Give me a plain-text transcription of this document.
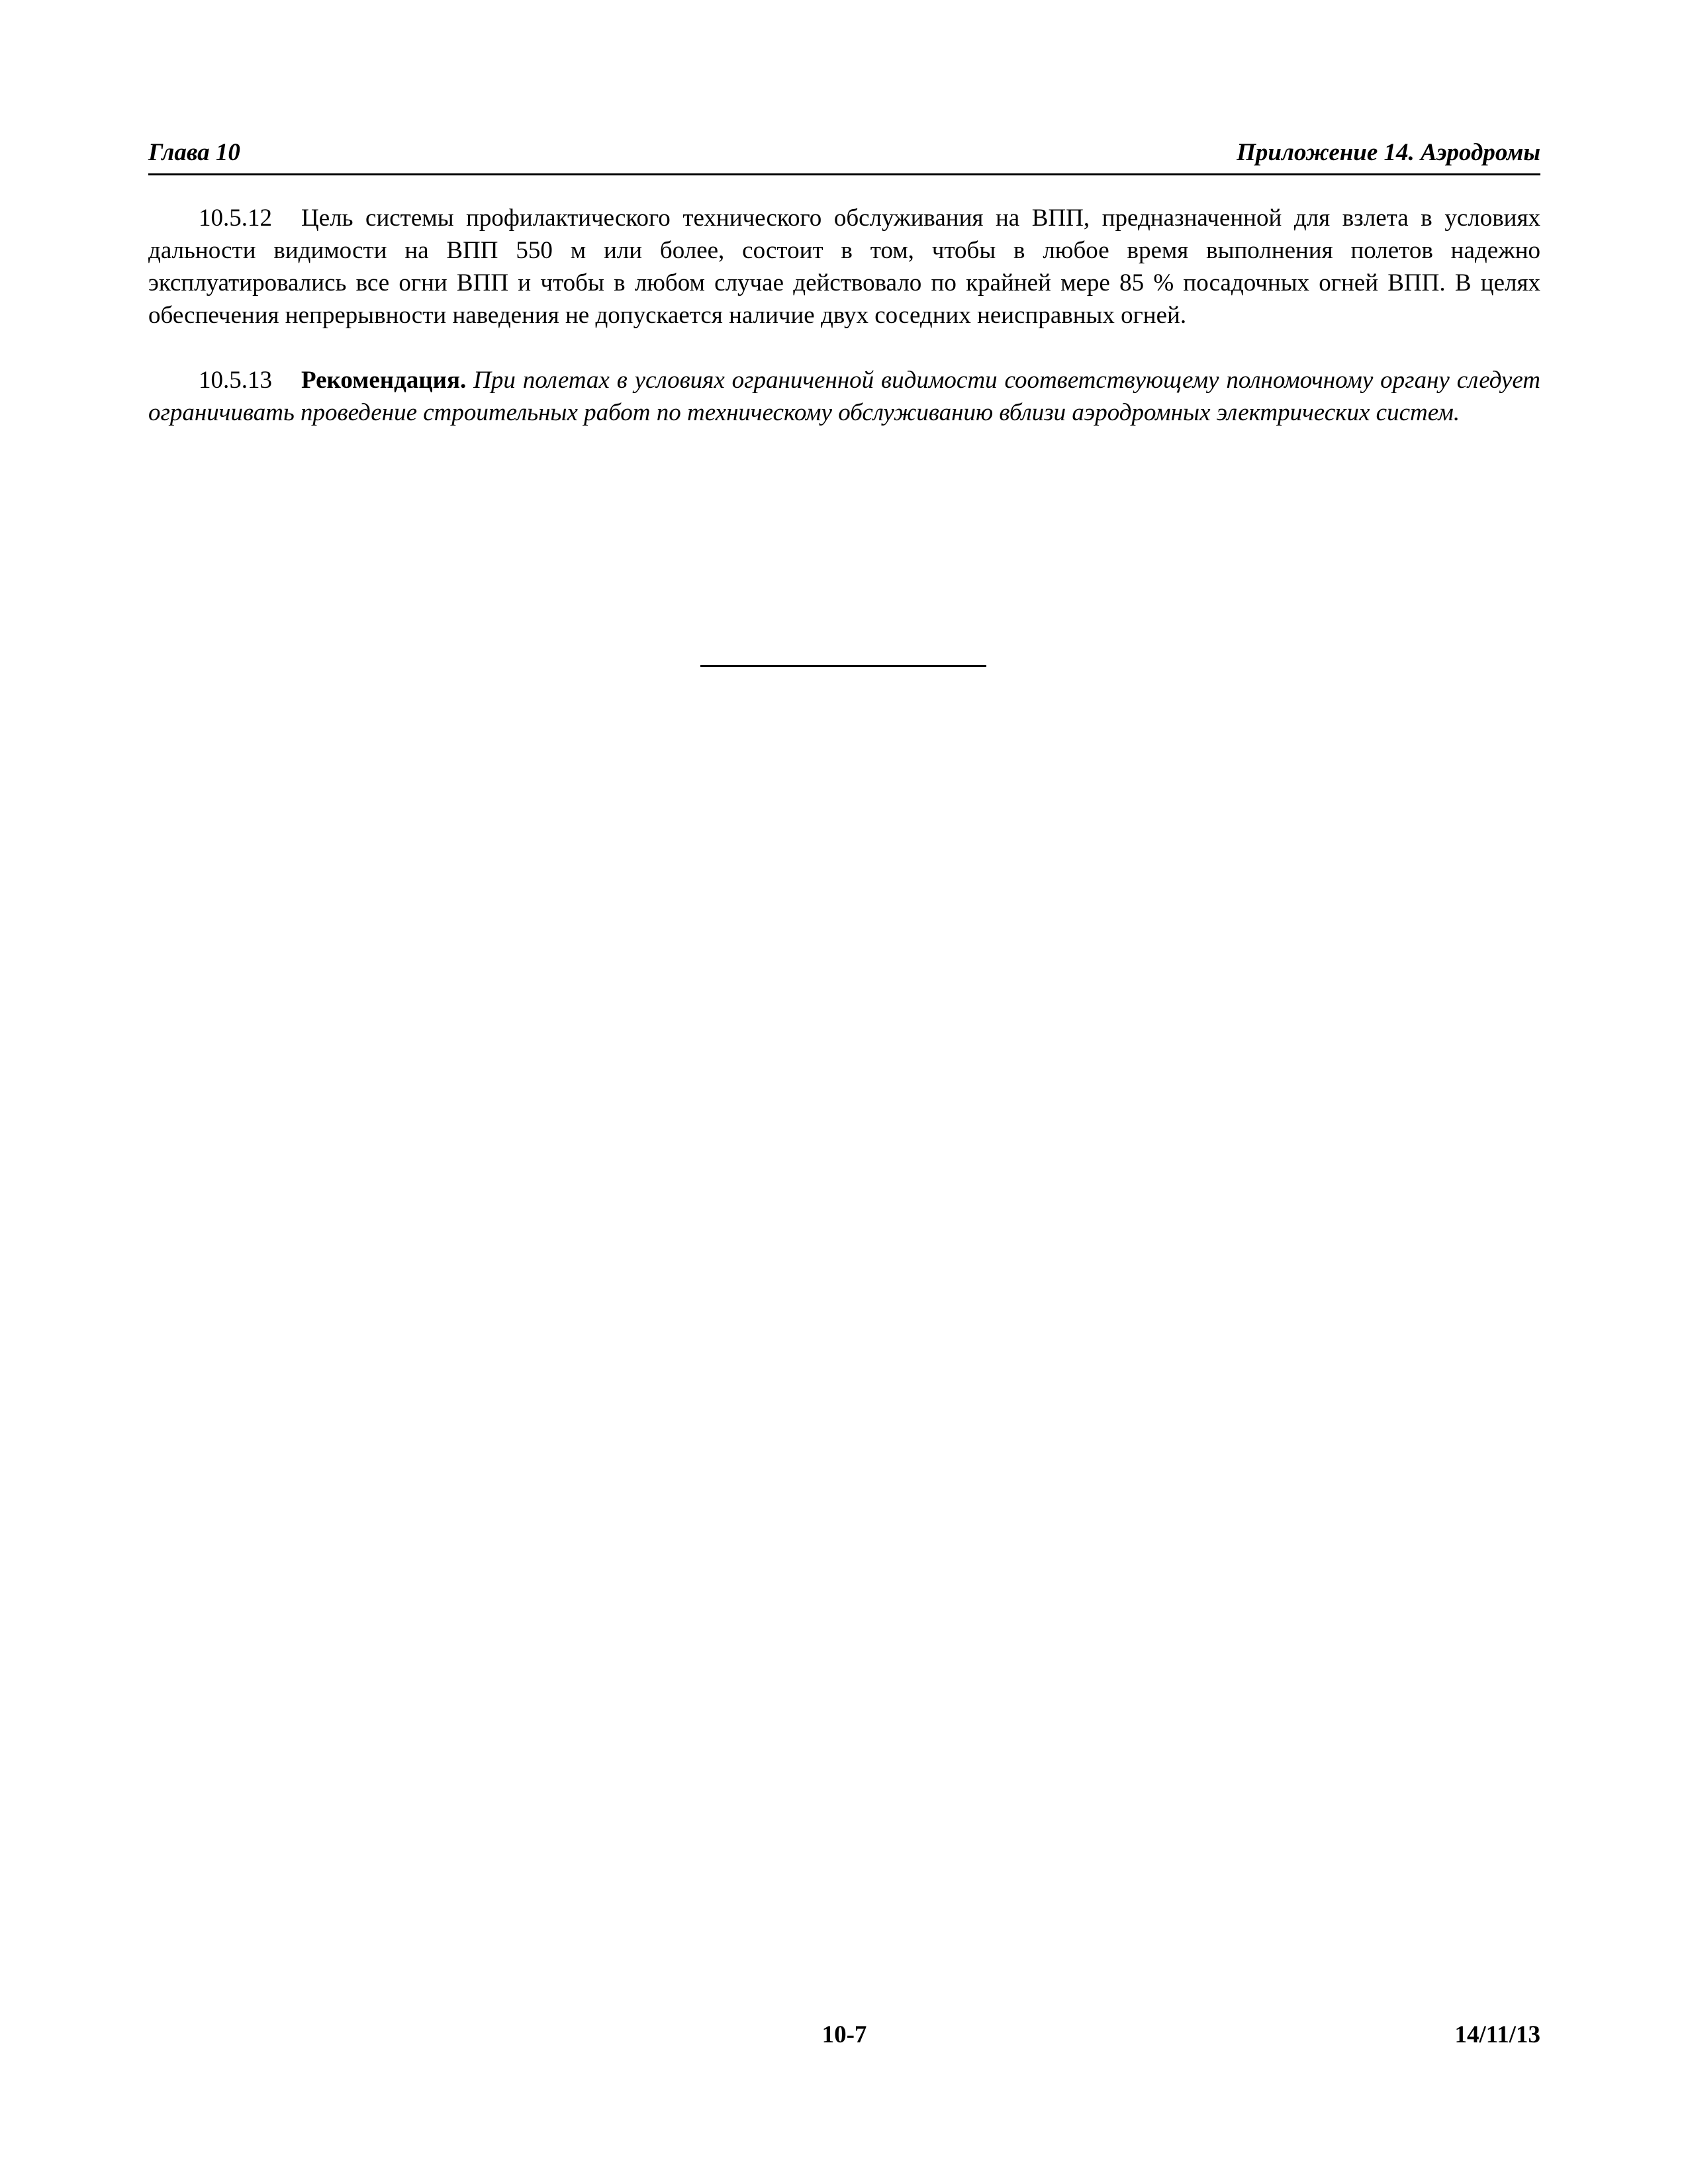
Глава 10	Приложение 14. Аэродромы

10.5.12 Цель системы профилактического технического обслуживания на ВПП, предназначенной для взлета в условиях дальности видимости на ВПП 550 м или более, состоит в том, чтобы в любое время выполнения полетов надежно эксплуатировались все огни ВПП и чтобы в любом случае действовало по крайней мере 85 % посадочных огней ВПП. В целях обеспечения непрерывности наведения не допускается наличие двух соседних неисправных огней.

10.5.13 Рекомендация. При полетах в условиях ограниченной видимости соответствующему полномочному органу следует ограничивать проведение строительных работ по техническому обслуживанию вблизи аэродромных электрических систем.

10-7	14/11/13
